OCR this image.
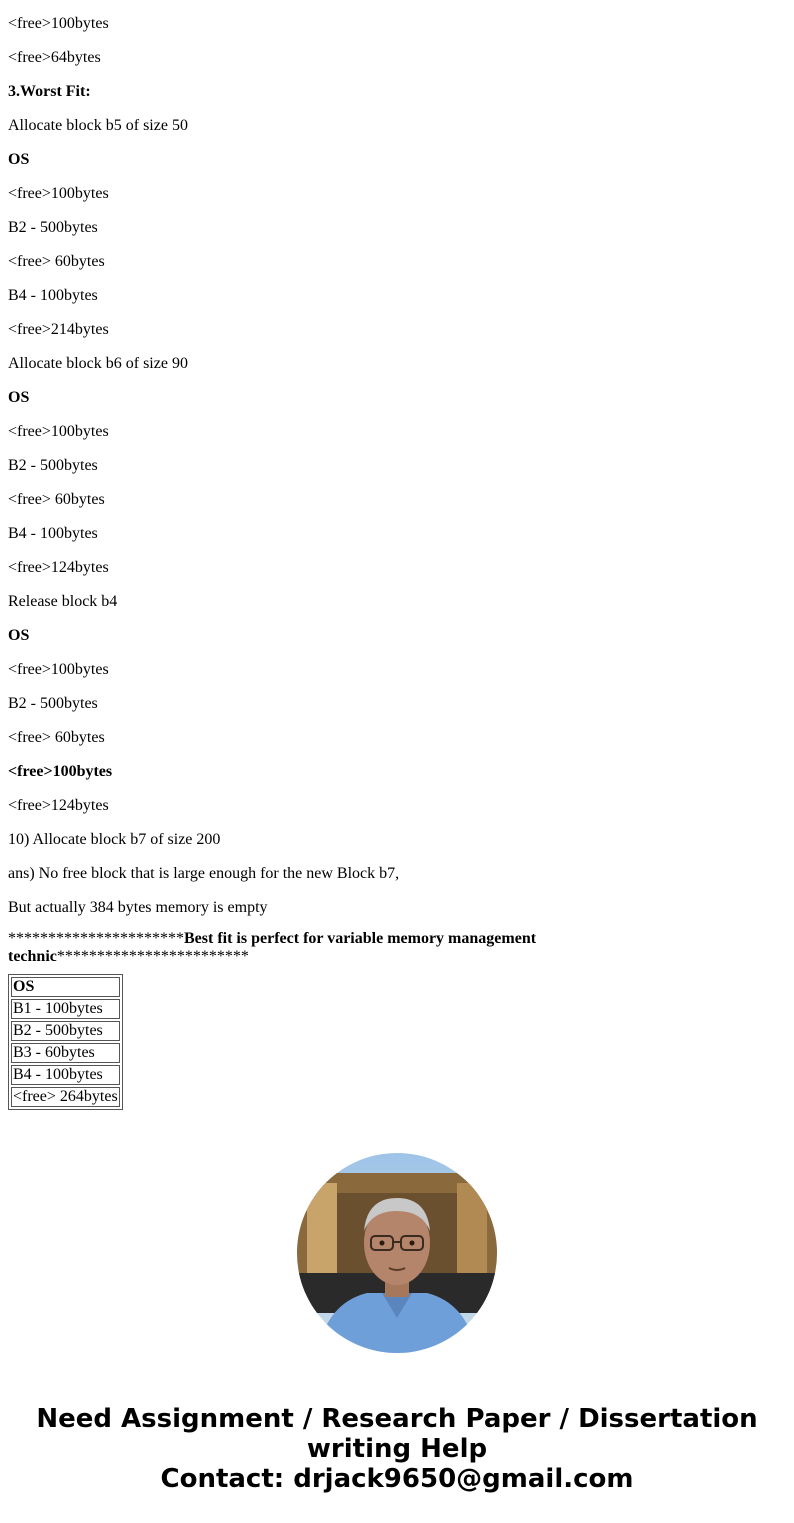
<free>100bytes

<free>64bytes

3.Worst Fit:

Allocate block b5 of size 50

OS

<free>100bytes

B2 - 500bytes

<free> 60bytes

B4 - 100bytes

<free>214bytes

Allocate block b6 of size 90

OS

<free>100bytes

B2 - 500bytes

<free> 60bytes

B4 - 100bytes

<free>124bytes

Release block b4

OS

<free>100bytes

B2 - 500bytes

<free> 60bytes

<free>100bytes

<free>124bytes

10) Allocate block b7 of size 200

ans) No free block that is large enough for the new Block b7,

But actually 384 bytes memory is empty

**********************Best fit is perfect for variable memory management technic************************

OS
B1 - 100bytes
B2 - 500bytes
B3 - 60bytes
B4 - 100bytes
<free> 264bytes
Need Assignment / Research Paper / Dissertation
writing Help
Contact: drjack9650@gmail.com
